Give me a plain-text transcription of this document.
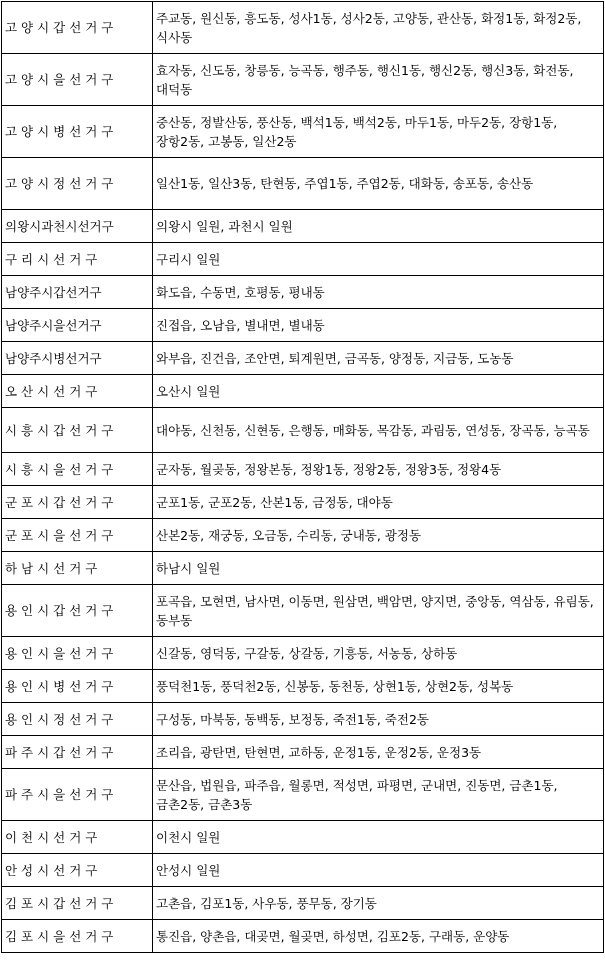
고 양 시 갑 선 거 구	주교동, 원신동, 흥도동, 성사1동, 성사2동, 고양동, 관산동, 화정1동, 화정2동, 식사동
고 양 시 을 선 거 구	효자동, 신도동, 창릉동, 능곡동, 행주동, 행신1동, 행신2동, 행신3동, 화전동, 대덕동
고 양 시 병 선 거 구	중산동, 정발산동, 풍산동, 백석1동, 백석2동, 마두1동, 마두2동, 장항1동, 장항2동, 고봉동, 일산2동
고 양 시 정 선 거 구	일산1동, 일산3동, 탄현동, 주엽1동, 주엽2동, 대화동, 송포동, 송산동
의왕시과천시선거구	의왕시 일원, 과천시 일원
구 리 시 선 거 구	구리시 일원
남양주시갑선거구	화도읍, 수동면, 호평동, 평내동
남양주시을선거구	진접읍, 오남읍, 별내면, 별내동
남양주시병선거구	와부읍, 진건읍, 조안면, 퇴계원면, 금곡동, 양정동, 지금동, 도농동
오 산 시 선 거 구	오산시 일원
시 흥 시 갑 선 거 구	대야동, 신천동, 신현동, 은행동, 매화동, 목감동, 과림동, 연성동, 장곡동, 능곡동
시 흥 시 을 선 거 구	군자동, 월곶동, 정왕본동, 정왕1동, 정왕2동, 정왕3동, 정왕4동
군 포 시 갑 선 거 구	군포1동, 군포2동, 산본1동, 금정동, 대야동
군 포 시 을 선 거 구	산본2동, 재궁동, 오금동, 수리동, 궁내동, 광정동
하 남 시 선 거 구	하남시 일원
용 인 시 갑 선 거 구	포곡읍, 모현면, 남사면, 이동면, 원삼면, 백암면, 양지면, 중앙동, 역삼동, 유림동, 동부동
용 인 시 을 선 거 구	신갈동, 영덕동, 구갈동, 상갈동, 기흥동, 서농동, 상하동
용 인 시 병 선 거 구	풍덕천1동, 풍덕천2동, 신봉동, 동천동, 상현1동, 상현2동, 성복동
용 인 시 정 선 거 구	구성동, 마북동, 동백동, 보정동, 죽전1동, 죽전2동
파 주 시 갑 선 거 구	조리읍, 광탄면, 탄현면, 교하동, 운정1동, 운정2동, 운정3동
파 주 시 을 선 거 구	문산읍, 법원읍, 파주읍, 월롱면, 적성면, 파평면, 군내면, 진동면, 금촌1동, 금촌2동, 금촌3동
이 천 시 선 거 구	이천시 일원
안 성 시 선 거 구	안성시 일원
김 포 시 갑 선 거 구	고촌읍, 김포1동, 사우동, 풍무동, 장기동
김 포 시 을 선 거 구	통진읍, 양촌읍, 대곶면, 월곶면, 하성면, 김포2동, 구래동, 운양동
